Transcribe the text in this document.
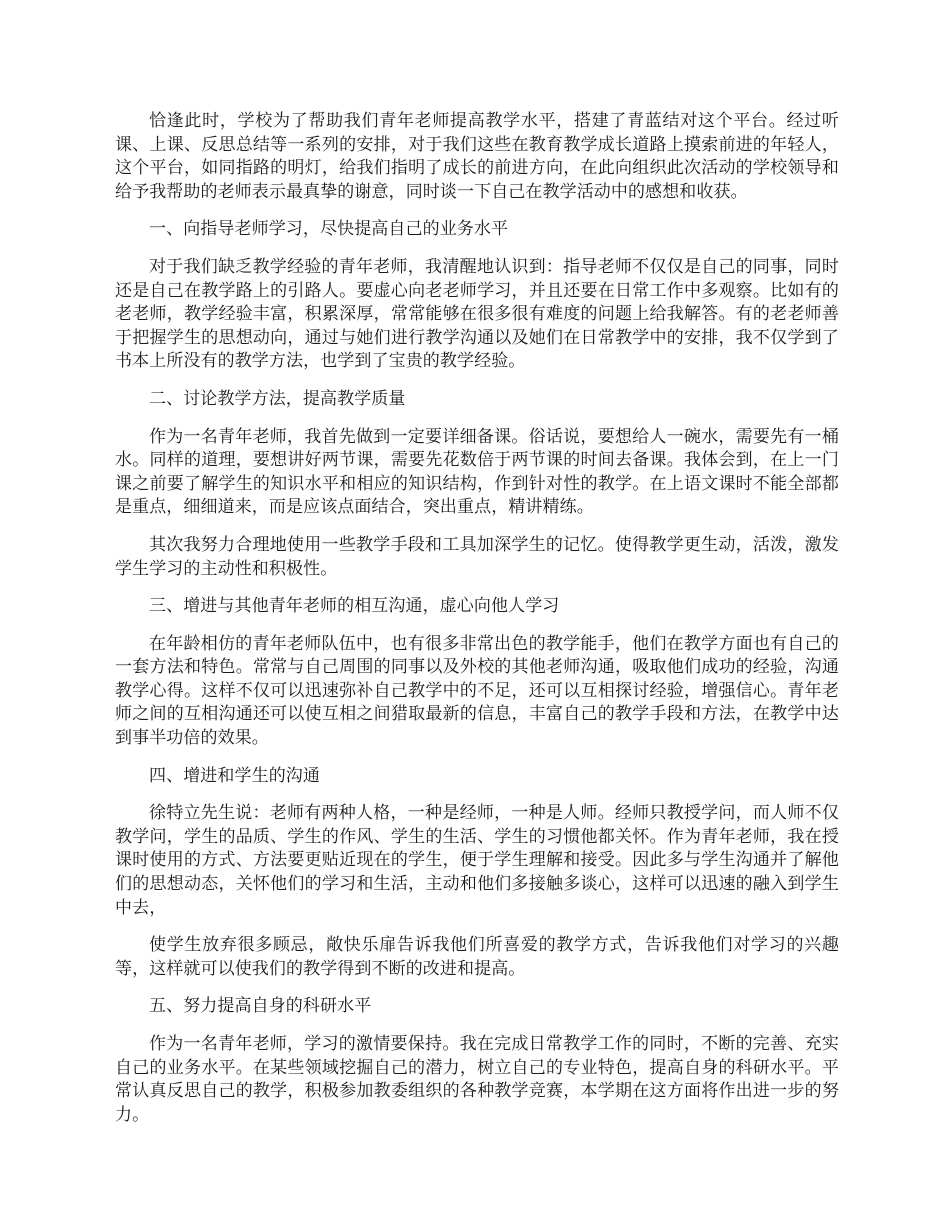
恰逢此时，学校为了帮助我们青年老师提高教学水平，搭建了青蓝结对这个平台。经过听课、上课、反思总结等一系列的安排，对于我们这些在教育教学成长道路上摸索前进的年轻人，这个平台，如同指路的明灯，给我们指明了成长的前进方向，在此向组织此次活动的学校领导和给予我帮助的老师表示最真挚的谢意，同时谈一下自己在教学活动中的感想和收获。

一、向指导老师学习，尽快提高自己的业务水平

对于我们缺乏教学经验的青年老师，我清醒地认识到：指导老师不仅仅是自己的同事，同时还是自己在教学路上的引路人。要虚心向老老师学习，并且还要在日常工作中多观察。比如有的老老师，教学经验丰富，积累深厚，常常能够在很多很有难度的问题上给我解答。有的老老师善于把握学生的思想动向，通过与她们进行教学沟通以及她们在日常教学中的安排，我不仅学到了书本上所没有的教学方法，也学到了宝贵的教学经验。

二、讨论教学方法，提高教学质量

作为一名青年老师，我首先做到一定要详细备课。俗话说，要想给人一碗水，需要先有一桶水。同样的道理，要想讲好两节课，需要先花数倍于两节课的时间去备课。我体会到，在上一门课之前要了解学生的知识水平和相应的知识结构，作到针对性的教学。在上语文课时不能全部都是重点，细细道来，而是应该点面结合，突出重点，精讲精练。

其次我努力合理地使用一些教学手段和工具加深学生的记忆。使得教学更生动，活泼，激发学生学习的主动性和积极性。

三、增进与其他青年老师的相互沟通，虚心向他人学习

在年龄相仿的青年老师队伍中，也有很多非常出色的教学能手，他们在教学方面也有自己的一套方法和特色。常常与自己周围的同事以及外校的其他老师沟通，吸取他们成功的经验，沟通教学心得。这样不仅可以迅速弥补自己教学中的不足，还可以互相探讨经验，增强信心。青年老师之间的互相沟通还可以使互相之间猎取最新的信息，丰富自己的教学手段和方法，在教学中达到事半功倍的效果。

四、增进和学生的沟通

徐特立先生说：老师有两种人格，一种是经师，一种是人师。经师只教授学问，而人师不仅教学问，学生的品质、学生的作风、学生的生活、学生的习惯他都关怀。作为青年老师，我在授课时使用的方式、方法要更贴近现在的学生，便于学生理解和接受。因此多与学生沟通并了解他们的思想动态，关怀他们的学习和生活，主动和他们多接触多谈心，这样可以迅速的融入到学生中去，

使学生放弃很多顾忌，敞快乐扉告诉我他们所喜爱的教学方式，告诉我他们对学习的兴趣等，这样就可以使我们的教学得到不断的改进和提高。

五、努力提高自身的科研水平

作为一名青年老师，学习的激情要保持。我在完成日常教学工作的同时，不断的完善、充实自己的业务水平。在某些领域挖掘自己的潜力，树立自己的专业特色，提高自身的科研水平。平常认真反思自己的教学，积极参加教委组织的各种教学竞赛，本学期在这方面将作出进一步的努力。
